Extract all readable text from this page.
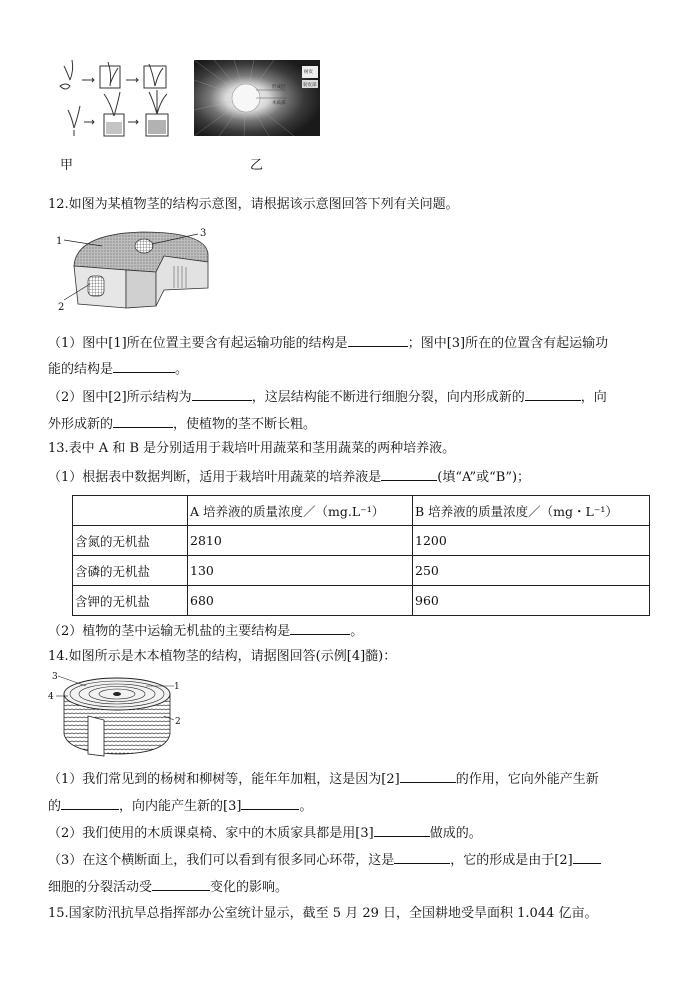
树皮
韧皮部
形成层
木质部
甲	乙
12.如图为某植物茎的结构示意图，请根据该示意图回答下列有关问题。
1
2
3
（1）图中[1]所在位置主要含有起运输功能的结构是	；图中[3]所在的位置含有起运输功
能的结构是	。
（2）图中[2]所示结构为	，这层结构能不断进行细胞分裂，向内形成新的	，向
外形成新的	，使植物的茎不断长粗。
13.表中 A 和 B 是分别适用于栽培叶用蔬菜和茎用蔬菜的两种培养液。
（1）根据表中数据判断，适用于栽培叶用蔬菜的培养液是	(填“A”或“B”)；
	A 培养液的质量浓度／（mg.L⁻¹）	B 培养液的质量浓度／（mg・L⁻¹）
含氮的无机盐	2810	1200
含磷的无机盐	130	250
含钾的无机盐	680	960
（2）植物的茎中运输无机盐的主要结构是	。
14.如图所示是木本植物茎的结构，请据图回答(示例[4]髓)：
3
4
1
2
（1）我们常见到的杨树和柳树等，能年年加粗，这是因为[2]	的作用，它向外能产生新
的	，向内能产生新的[3]	。
（2）我们使用的木质课桌椅、家中的木质家具都是用[3]	做成的。
（3）在这个横断面上，我们可以看到有很多同心环带，这是	，它的形成是由于[2]
细胞的分裂活动受	变化的影响。
15.国家防汛抗旱总指挥部办公室统计显示，截至 5 月 29 日，全国耕地受旱面积 1.044 亿亩。
